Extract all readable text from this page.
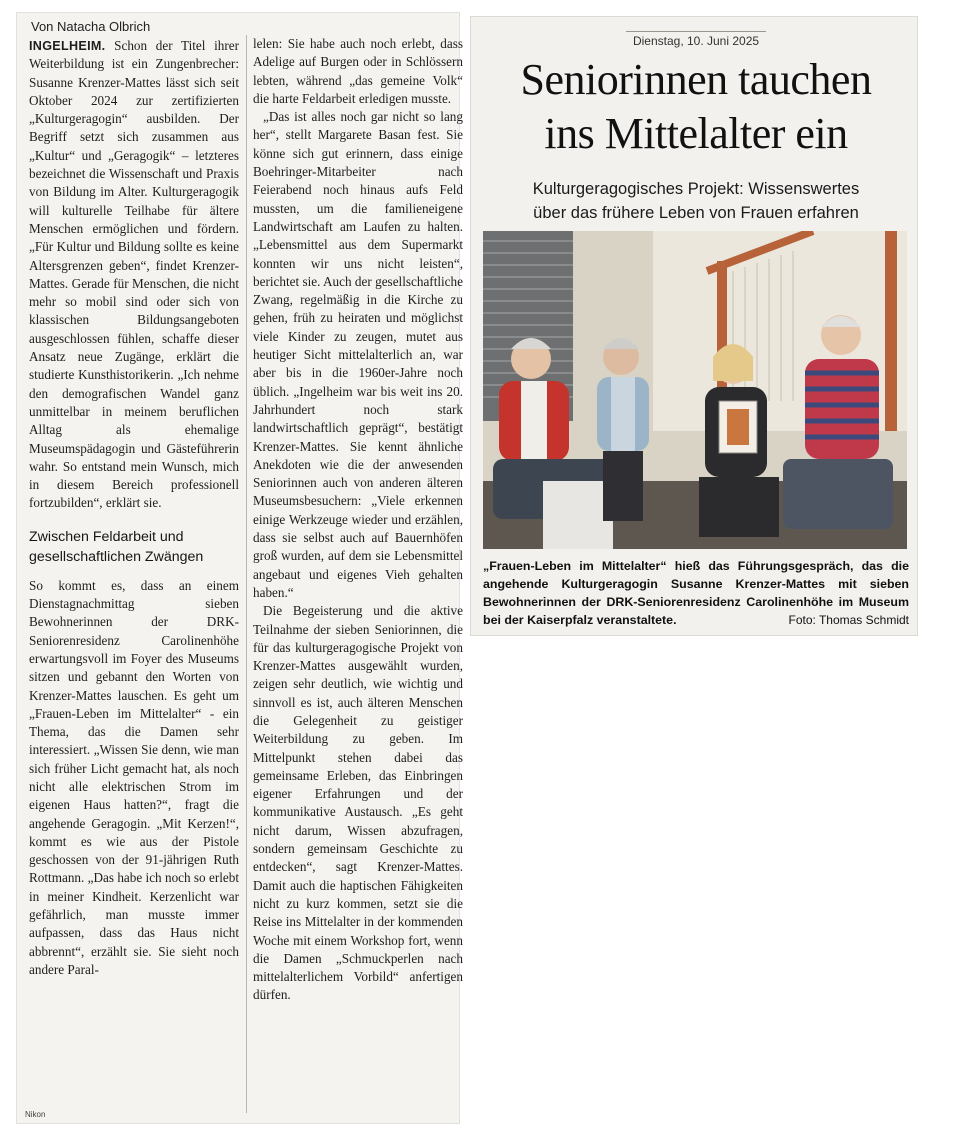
Von Natacha Olbrich

INGELHEIM. Schon der Titel ihrer Weiterbildung ist ein Zungenbrecher: Susanne Krenzer-Mattes lässt sich seit Oktober 2024 zur zertifizierten „Kulturgeragogin“ ausbilden. Der Begriff setzt sich zusammen aus „Kultur“ und „Geragogik“ – letzteres bezeichnet die Wissenschaft und Praxis von Bildung im Alter. Kulturgeragogik will kulturelle Teilhabe für ältere Menschen ermöglichen und fördern. „Für Kultur und Bildung sollte es keine Altersgrenzen geben“, findet Krenzer-Mattes. Gerade für Menschen, die nicht mehr so mobil sind oder sich von klassischen Bildungsangeboten ausgeschlossen fühlen, schaffe dieser Ansatz neue Zugänge, erklärt die studierte Kunsthistorikerin. „Ich nehme den demografischen Wandel ganz unmittelbar in meinem beruflichen Alltag als ehemalige Museumspädagogin und Gästeführerin wahr. So entstand mein Wunsch, mich in diesem Bereich professionell fortzubilden“, erklärt sie.

Zwischen Feldarbeit und gesellschaftlichen Zwängen

So kommt es, dass an einem Dienstagnachmittag sieben Bewohnerinnen der DRK-Seniorenresidenz Carolinenhöhe erwartungsvoll im Foyer des Museums sitzen und gebannt den Worten von Krenzer-Mattes lauschen. Es geht um „Frauen-Leben im Mittelalter“ - ein Thema, das die Damen sehr interessiert. „Wissen Sie denn, wie man sich früher Licht gemacht hat, als noch nicht alle elektrischen Strom im eigenen Haus hatten?“, fragt die angehende Geragogin. „Mit Kerzen!“, kommt es wie aus der Pistole geschossen von der 91-jährigen Ruth Rottmann. „Das habe ich noch so erlebt in meiner Kindheit. Kerzenlicht war gefährlich, man musste immer aufpassen, dass das Haus nicht abbrennt“, erzählt sie. Sie sieht noch andere Paral-

lelen: Sie habe auch noch erlebt, dass Adelige auf Burgen oder in Schlössern lebten, während „das gemeine Volk“ die harte Feldarbeit erledigen musste.

„Das ist alles noch gar nicht so lang her“, stellt Margarete Basan fest. Sie könne sich gut erinnern, dass einige Boehringer-Mitarbeiter nach Feierabend noch hinaus aufs Feld mussten, um die familieneigene Landwirtschaft am Laufen zu halten. „Lebensmittel aus dem Supermarkt konnten wir uns nicht leisten“, berichtet sie. Auch der gesellschaftliche Zwang, regelmäßig in die Kirche zu gehen, früh zu heiraten und möglichst viele Kinder zu zeugen, mutet aus heutiger Sicht mittelalterlich an, war aber bis in die 1960er-Jahre noch üblich. „Ingelheim war bis weit ins 20. Jahrhundert noch stark landwirtschaftlich geprägt“, bestätigt Krenzer-Mattes. Sie kennt ähnliche Anekdoten wie die der anwesenden Seniorinnen auch von anderen älteren Museumsbesuchern: „Viele erkennen einige Werkzeuge wieder und erzählen, dass sie selbst auch auf Bauernhöfen groß wurden, auf dem sie Lebensmittel angebaut und eigenes Vieh gehalten haben.“

Die Begeisterung und die aktive Teilnahme der sieben Seniorinnen, die für das kulturgeragogische Projekt von Krenzer-Mattes ausgewählt wurden, zeigen sehr deutlich, wie wichtig und sinnvoll es ist, auch älteren Menschen die Gelegenheit zu geistiger Weiterbildung zu geben. Im Mittelpunkt stehen dabei das gemeinsame Erleben, das Einbringen eigener Erfahrungen und der kommunikative Austausch. „Es geht nicht darum, Wissen abzufragen, sondern gemeinsam Geschichte zu entdecken“, sagt Krenzer-Mattes. Damit auch die haptischen Fähigkeiten nicht zu kurz kommen, setzt sie die Reise ins Mittelalter in der kommenden Woche mit einem Workshop fort, wenn die Damen „Schmuckperlen nach mittelalterlichem Vorbild“ anfertigen dürfen.

Nikon
Dienstag, 10. Juni 2025
Seniorinnen tauchen
ins Mittelalter ein
Kulturgeragogisches Projekt: Wissenswertes
über das frühere Leben von Frauen erfahren
„Frauen-Leben im Mittelalter“ hieß das Führungsgespräch, das die angehende Kulturgeragogin Susanne Krenzer-Mattes mit sieben Bewohnerinnen der DRK-Seniorenresidenz Carolinenhöhe im Museum bei der Kaiserpfalz veranstaltete.	Foto: Thomas Schmidt
